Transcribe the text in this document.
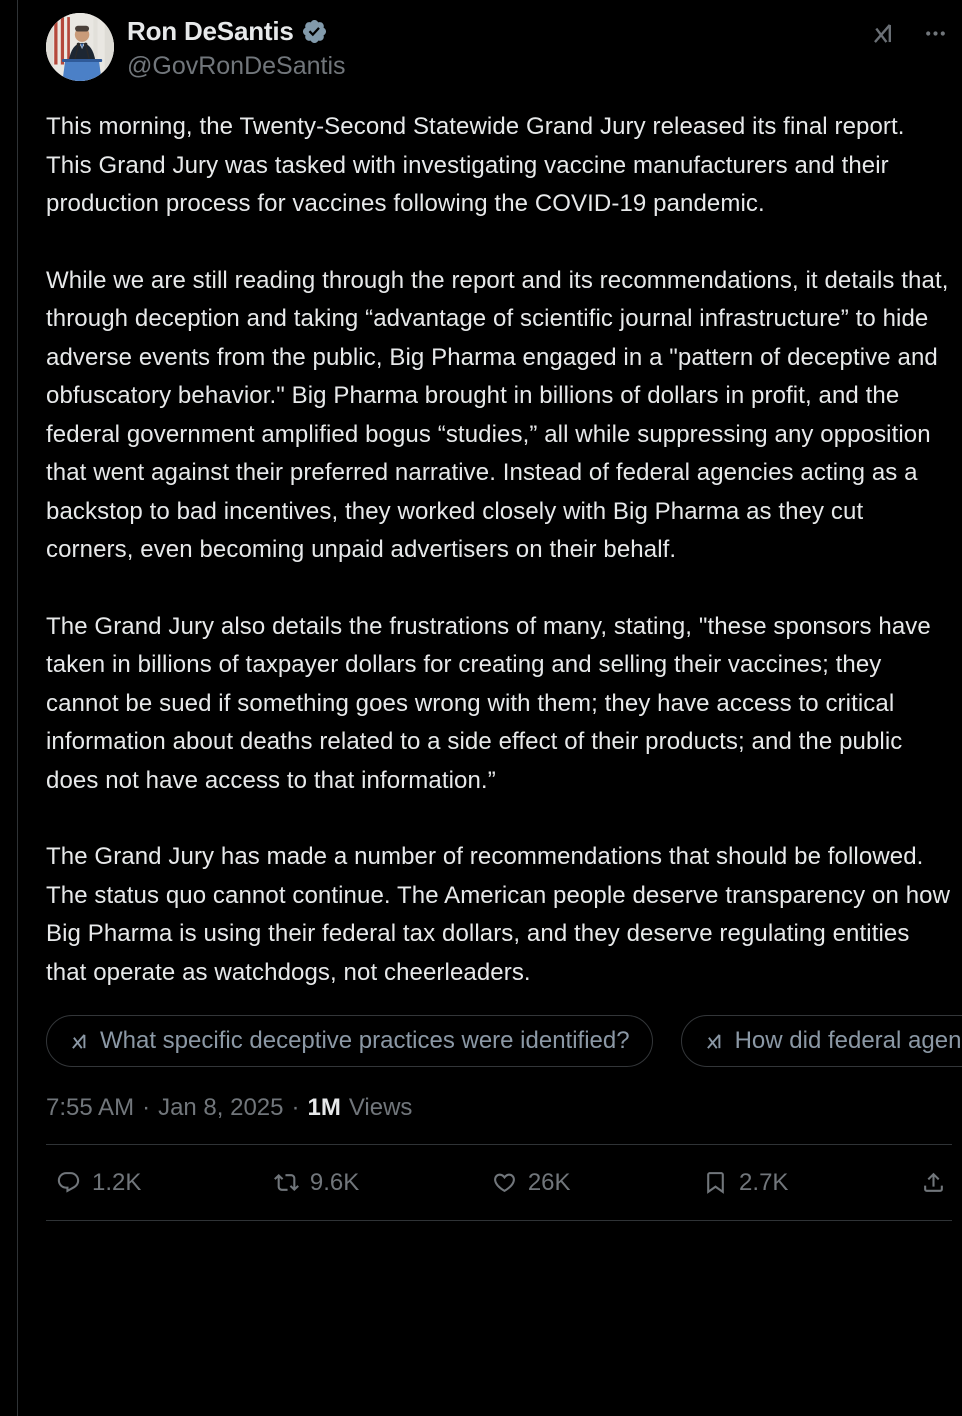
Ron DeSantis
@GovRonDeSantis

This morning, the Twenty-Second Statewide Grand Jury released its final report. This Grand Jury was tasked with investigating vaccine manufacturers and their production process for vaccines following the COVID-19 pandemic.

While we are still reading through the report and its recommendations, it details that, through deception and taking “advantage of scientific journal infrastructure” to hide adverse events from the public, Big Pharma engaged in a "pattern of deceptive and obfuscatory behavior." Big Pharma brought in billions of dollars in profit, and the federal government amplified bogus “studies,” all while suppressing any opposition that went against their preferred narrative. Instead of federal agencies acting as a backstop to bad incentives, they worked closely with Big Pharma as they cut corners, even becoming unpaid advertisers on their behalf.

The Grand Jury also details the frustrations of many, stating, "these sponsors have taken in billions of taxpayer dollars for creating and selling their vaccines; they cannot be sued if something goes wrong with them; they have access to critical information about deaths related to a side effect of their products; and the public does not have access to that information.”

The Grand Jury has made a number of recommendations that should be followed. The status quo cannot continue. The American people deserve transparency on how Big Pharma is using their federal tax dollars, and they deserve regulating entities that operate as watchdogs, not cheerleaders.

What specific deceptive practices were identified?	How did federal agen
7:55 AM · Jan 8, 2025 · 1M Views
1.2K	9.6K	26K	2.7K
